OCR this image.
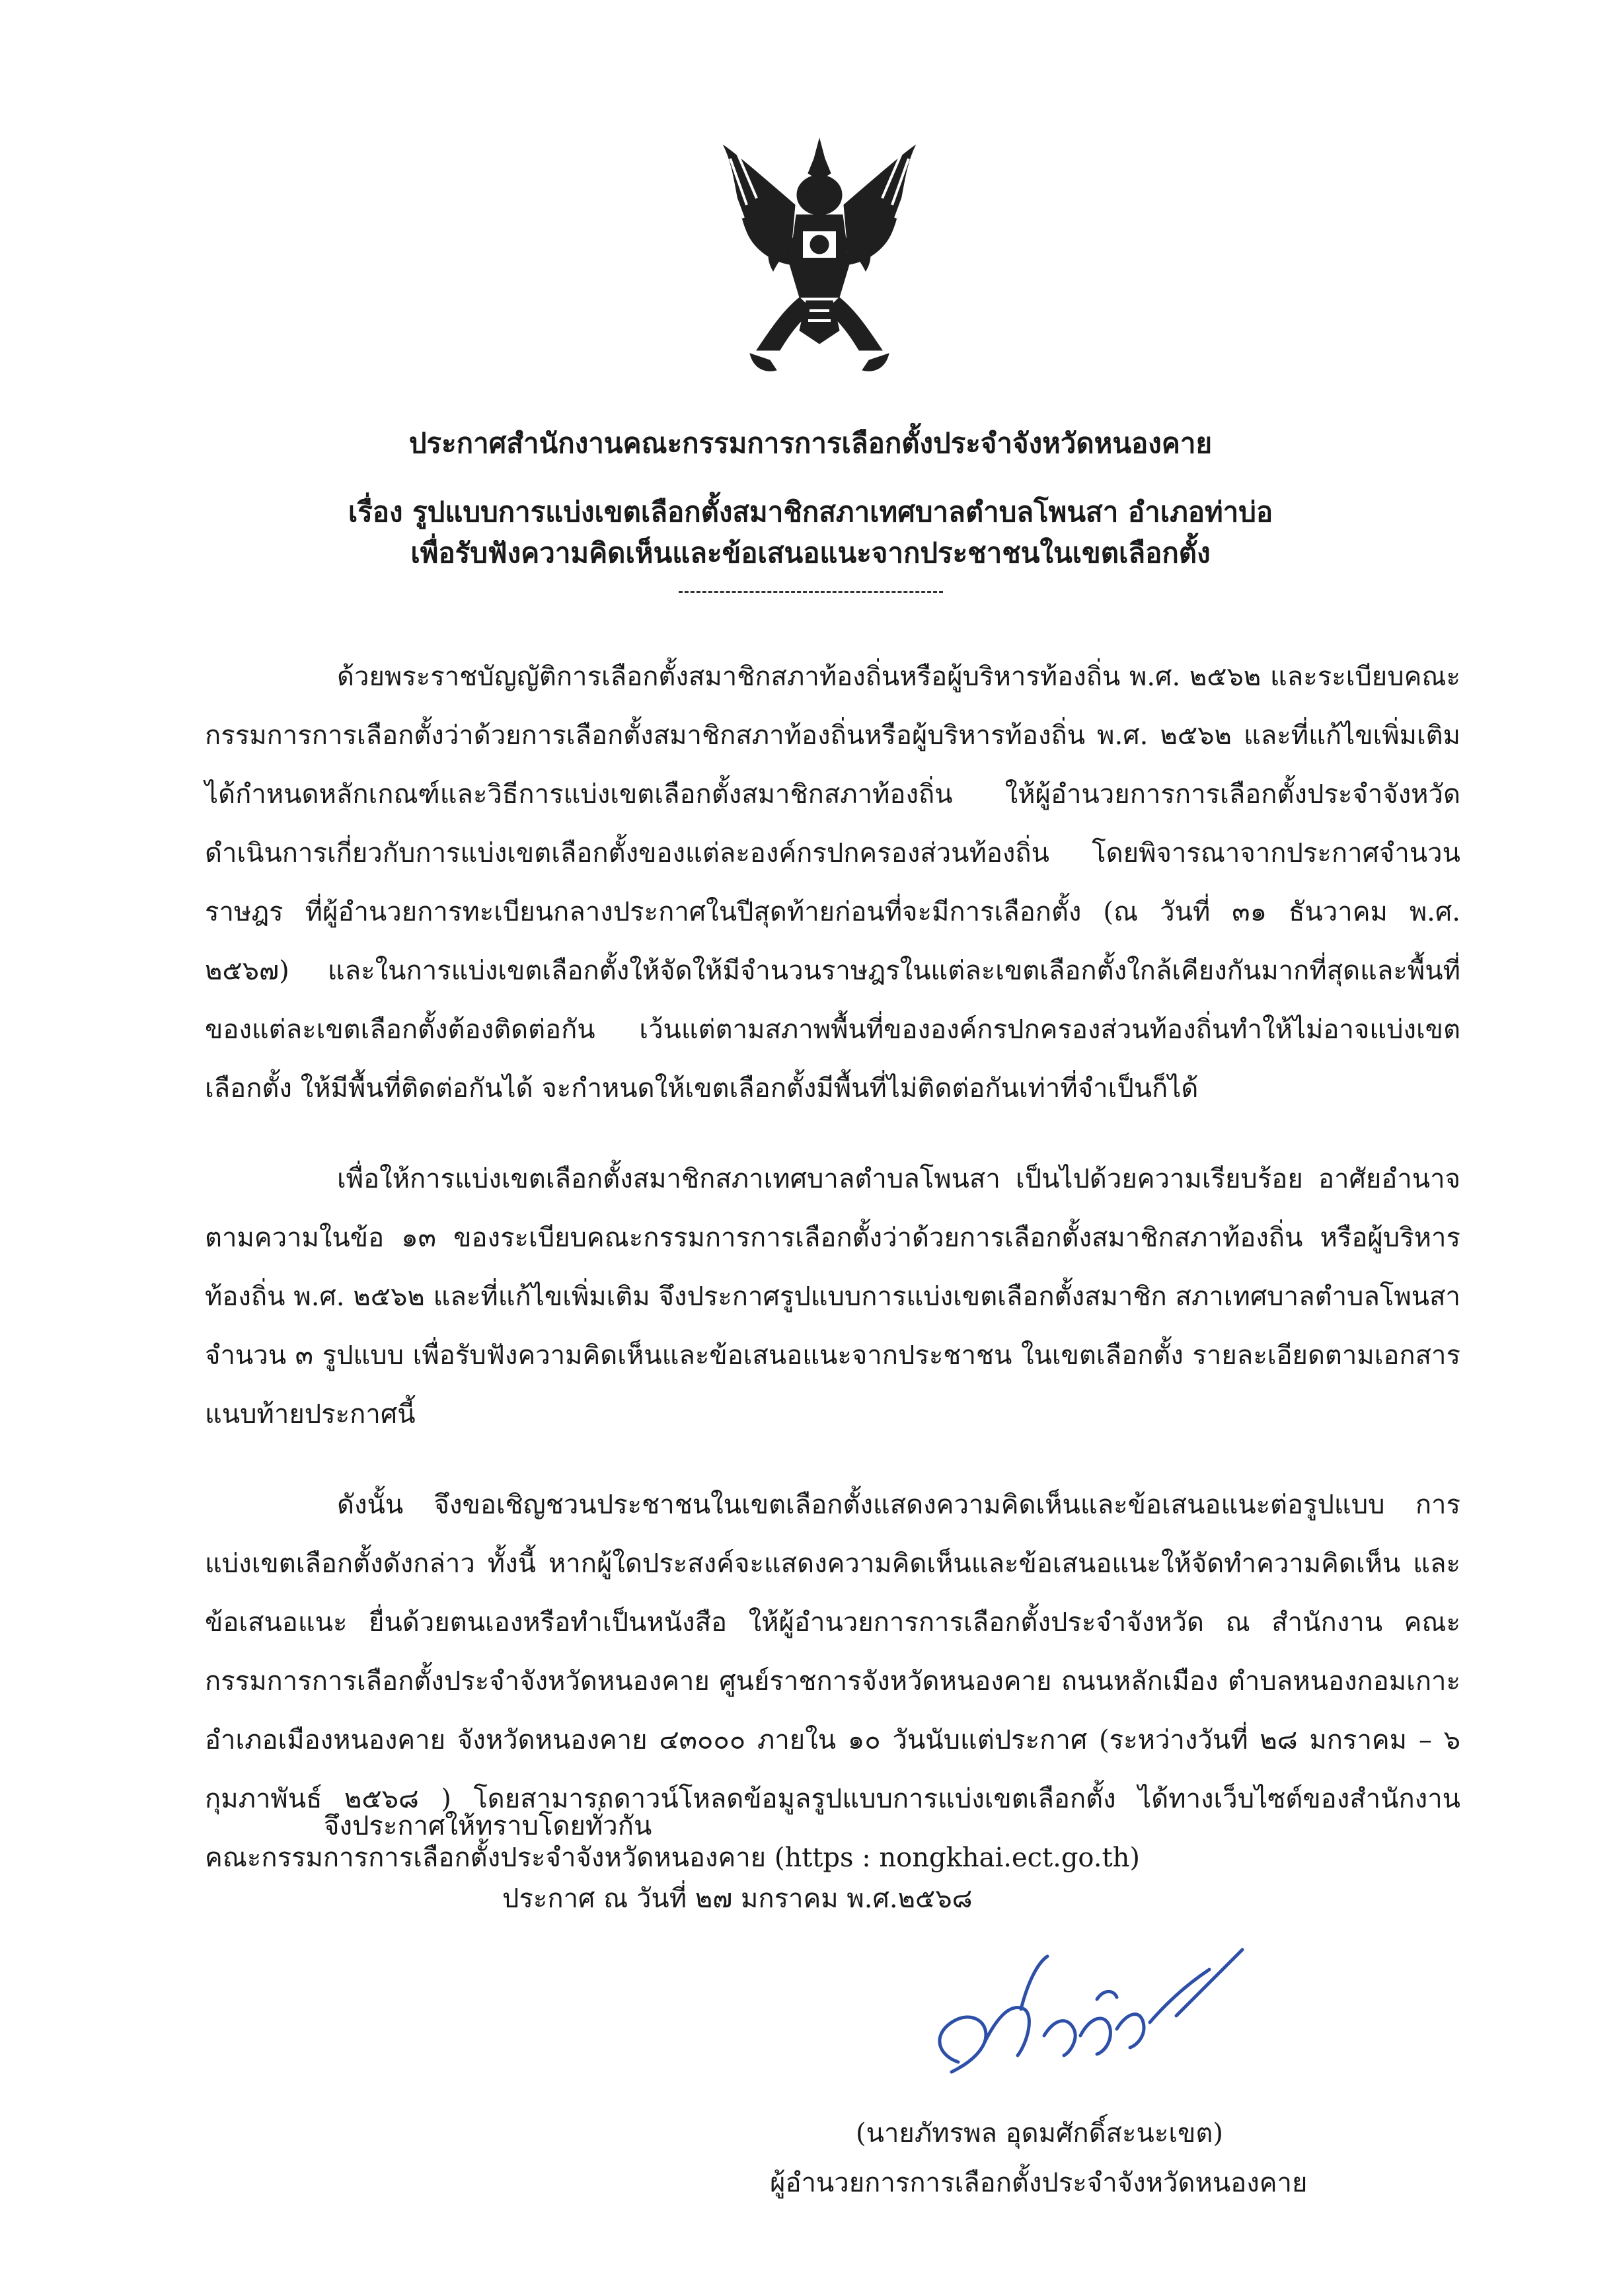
ประกาศสำนักงานคณะกรรมการการเลือกตั้งประจำจังหวัดหนองคาย

เรื่อง รูปแบบการแบ่งเขตเลือกตั้งสมาชิกสภาเทศบาลตำบลโพนสา อำเภอท่าบ่อ

เพื่อรับฟังความคิดเห็นและข้อเสนอแนะจากประชาชนในเขตเลือกตั้ง

ด้วยพระราชบัญญัติการเลือกตั้งสมาชิกสภาท้องถิ่นหรือผู้บริหารท้องถิ่น พ.ศ. ๒๕๖๒ และระเบียบคณะกรรมการการเลือกตั้งว่าด้วยการเลือกตั้งสมาชิกสภาท้องถิ่นหรือผู้บริหารท้องถิ่น พ.ศ. ๒๕๖๒ และที่แก้ไขเพิ่มเติม ได้กำหนดหลักเกณฑ์และวิธีการแบ่งเขตเลือกตั้งสมาชิกสภาท้องถิ่น ให้ผู้อำนวยการการเลือกตั้งประจำจังหวัด ดำเนินการเกี่ยวกับการแบ่งเขตเลือกตั้งของแต่ละองค์กรปกครองส่วนท้องถิ่น โดยพิจารณาจากประกาศจำนวนราษฎร ที่ผู้อำนวยการทะเบียนกลางประกาศในปีสุดท้ายก่อนที่จะมีการเลือกตั้ง (ณ วันที่ ๓๑ ธันวาคม พ.ศ. ๒๕๖๗) และในการแบ่งเขตเลือกตั้งให้จัดให้มีจำนวนราษฎรในแต่ละเขตเลือกตั้งใกล้เคียงกันมากที่สุดและพื้นที่ ของแต่ละเขตเลือกตั้งต้องติดต่อกัน เว้นแต่ตามสภาพพื้นที่ขององค์กรปกครองส่วนท้องถิ่นทำให้ไม่อาจแบ่งเขตเลือกตั้ง ให้มีพื้นที่ติดต่อกันได้ จะกำหนดให้เขตเลือกตั้งมีพื้นที่ไม่ติดต่อกันเท่าที่จำเป็นก็ได้

เพื่อให้การแบ่งเขตเลือกตั้งสมาชิกสภาเทศบาลตำบลโพนสา เป็นไปด้วยความเรียบร้อย อาศัยอำนาจตามความในข้อ ๑๓ ของระเบียบคณะกรรมการการเลือกตั้งว่าด้วยการเลือกตั้งสมาชิกสภาท้องถิ่น หรือผู้บริหารท้องถิ่น พ.ศ. ๒๕๖๒ และที่แก้ไขเพิ่มเติม จึงประกาศรูปแบบการแบ่งเขตเลือกตั้งสมาชิก สภาเทศบาลตำบลโพนสา จำนวน ๓ รูปแบบ เพื่อรับฟังความคิดเห็นและข้อเสนอแนะจากประชาชน ในเขตเลือกตั้ง รายละเอียดตามเอกสารแนบท้ายประกาศนี้

ดังนั้น จึงขอเชิญชวนประชาชนในเขตเลือกตั้งแสดงความคิดเห็นและข้อเสนอแนะต่อรูปแบบ การแบ่งเขตเลือกตั้งดังกล่าว ทั้งนี้ หากผู้ใดประสงค์จะแสดงความคิดเห็นและข้อเสนอแนะให้จัดทำความคิดเห็น และข้อเสนอแนะ ยื่นด้วยตนเองหรือทำเป็นหนังสือ ให้ผู้อำนวยการการเลือกตั้งประจำจังหวัด ณ สำนักงาน คณะกรรมการการเลือกตั้งประจำจังหวัดหนองคาย ศูนย์ราชการจังหวัดหนองคาย ถนนหลักเมือง ตำบลหนองกอมเกาะ อำเภอเมืองหนองคาย จังหวัดหนองคาย ๔๓๐๐๐ ภายใน ๑๐ วันนับแต่ประกาศ (ระหว่างวันที่ ๒๘ มกราคม – ๖ กุมภาพันธ์ ๒๕๖๘ ) โดยสามารถดาวน์โหลดข้อมูลรูปแบบการแบ่งเขตเลือกตั้ง ได้ทางเว็บไซต์ของสำนักงานคณะกรรมการการเลือกตั้งประจำจังหวัดหนองคาย (https : nongkhai.ect.go.th)

จึงประกาศให้ทราบโดยทั่วกัน
ประกาศ ณ วันที่ ๒๗ มกราคม พ.ศ.๒๕๖๘
(นายภัทรพล อุดมศักดิ์สะนะเขต)
ผู้อำนวยการการเลือกตั้งประจำจังหวัดหนองคาย
